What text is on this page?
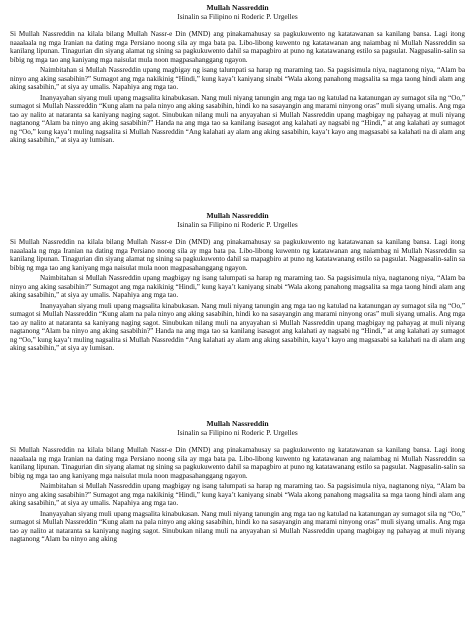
Mullah Nassreddin

Isinalin sa Filipino ni Roderic P. Urgelles

Si Mullah Nassreddin na kilala bilang Mullah Nassr-e Din (MND) ang pinakamahusay sa pagkukuwento ng katatawanan sa kanilang bansa. Lagi itong naaalaala ng mga Iranian na dating mga Persiano noong sila ay mga bata pa. Libo-libong kuwento ng katatawanan ang naiambag ni Mullah Nassreddin sa kanilang lipunan. Tinagurian din siyang alamat ng sining sa pagkukuwento dahil sa mapagbiro at puno ng katatawanang estilo sa pagsulat. Nagpasalin-salin sa bibig ng mga tao ang kaniyang mga naisulat mula noon magpasahanggang ngayon.

Naimbitahan si Mullah Nassreddin upang magbigay ng isang talumpati sa harap ng maraming tao. Sa pagsisimula niya, nagtanong niya, “Alam ba ninyo ang aking sasabihin?” Sumagot ang mga nakikinig “Hindi,” kung kaya’t kaniyang sinabi “Wala akong panahong magsalita sa mga taong hindi alam ang aking sasabihin,” at siya ay umalis. Napahiya ang mga tao.

Inanyayahan siyang muli upang magsalita kinabukasan. Nang muli niyang tanungin ang mga tao ng katulad na katanungan ay sumagot sila ng “Oo,” sumagot si Mullah Nassreddin “Kung alam na pala ninyo ang aking sasabihin, hindi ko na sasayangin ang marami ninyong oras” muli siyang umalis. Ang mga tao ay nalito at nataranta sa kaniyang naging sagot. Sinubukan nilang muli na anyayahan si Mullah Nassreddin upang magbigay ng pahayag at muli niyang nagtanong “Alam ba ninyo ang aking sasabihin?” Handa na ang mga tao sa kanilang isasagot ang kalahati ay nagsabi ng “Hindi,” at ang kalahati ay sumagot ng “Oo,” kung kaya’t muling nagsalita si Mullah Nassreddin “Ang kalahati ay alam ang aking sasabihin, kaya’t kayo ang magsasabi sa kalahati na di alam ang aking sasabihin,” at siya ay lumisan.

Mullah Nassreddin

Isinalin sa Filipino ni Roderic P. Urgelles

Si Mullah Nassreddin na kilala bilang Mullah Nassr-e Din (MND) ang pinakamahusay sa pagkukuwento ng katatawanan sa kanilang bansa. Lagi itong naaalaala ng mga Iranian na dating mga Persiano noong sila ay mga bata pa. Libo-libong kuwento ng katatawanan ang naiambag ni Mullah Nassreddin sa kanilang lipunan. Tinagurian din siyang alamat ng sining sa pagkukuwento dahil sa mapagbiro at puno ng katatawanang estilo sa pagsulat. Nagpasalin-salin sa bibig ng mga tao ang kaniyang mga naisulat mula noon magpasahanggang ngayon.

Naimbitahan si Mullah Nassreddin upang magbigay ng isang talumpati sa harap ng maraming tao. Sa pagsisimula niya, nagtanong niya, “Alam ba ninyo ang aking sasabihin?” Sumagot ang mga nakikinig “Hindi,” kung kaya’t kaniyang sinabi “Wala akong panahong magsalita sa mga taong hindi alam ang aking sasabihin,” at siya ay umalis. Napahiya ang mga tao.

Inanyayahan siyang muli upang magsalita kinabukasan. Nang muli niyang tanungin ang mga tao ng katulad na katanungan ay sumagot sila ng “Oo,” sumagot si Mullah Nassreddin “Kung alam na pala ninyo ang aking sasabihin, hindi ko na sasayangin ang marami ninyong oras” muli siyang umalis. Ang mga tao ay nalito at nataranta sa kaniyang naging sagot. Sinubukan nilang muli na anyayahan si Mullah Nassreddin upang magbigay ng pahayag at muli niyang nagtanong “Alam ba ninyo ang aking sasabihin?” Handa na ang mga tao sa kanilang isasagot ang kalahati ay nagsabi ng “Hindi,” at ang kalahati ay sumagot ng “Oo,” kung kaya’t muling nagsalita si Mullah Nassreddin “Ang kalahati ay alam ang aking sasabihin, kaya’t kayo ang magsasabi sa kalahati na di alam ang aking sasabihin,” at siya ay lumisan.

Mullah Nassreddin

Isinalin sa Filipino ni Roderic P. Urgelles

Si Mullah Nassreddin na kilala bilang Mullah Nassr-e Din (MND) ang pinakamahusay sa pagkukuwento ng katatawanan sa kanilang bansa. Lagi itong naaalaala ng mga Iranian na dating mga Persiano noong sila ay mga bata pa. Libo-libong kuwento ng katatawanan ang naiambag ni Mullah Nassreddin sa kanilang lipunan. Tinagurian din siyang alamat ng sining sa pagkukuwento dahil sa mapagbiro at puno ng katatawanang estilo sa pagsulat. Nagpasalin-salin sa bibig ng mga tao ang kaniyang mga naisulat mula noon magpasahanggang ngayon.

Naimbitahan si Mullah Nassreddin upang magbigay ng isang talumpati sa harap ng maraming tao. Sa pagsisimula niya, nagtanong niya, “Alam ba ninyo ang aking sasabihin?” Sumagot ang mga nakikinig “Hindi,” kung kaya’t kaniyang sinabi “Wala akong panahong magsalita sa mga taong hindi alam ang aking sasabihin,” at siya ay umalis. Napahiya ang mga tao.

Inanyayahan siyang muli upang magsalita kinabukasan. Nang muli niyang tanungin ang mga tao ng katulad na katanungan ay sumagot sila ng “Oo,” sumagot si Mullah Nassreddin “Kung alam na pala ninyo ang aking sasabihin, hindi ko na sasayangin ang marami ninyong oras” muli siyang umalis. Ang mga tao ay nalito at nataranta sa kaniyang naging sagot. Sinubukan nilang muli na anyayahan si Mullah Nassreddin upang magbigay ng pahayag at muli niyang nagtanong “Alam ba ninyo ang aking
